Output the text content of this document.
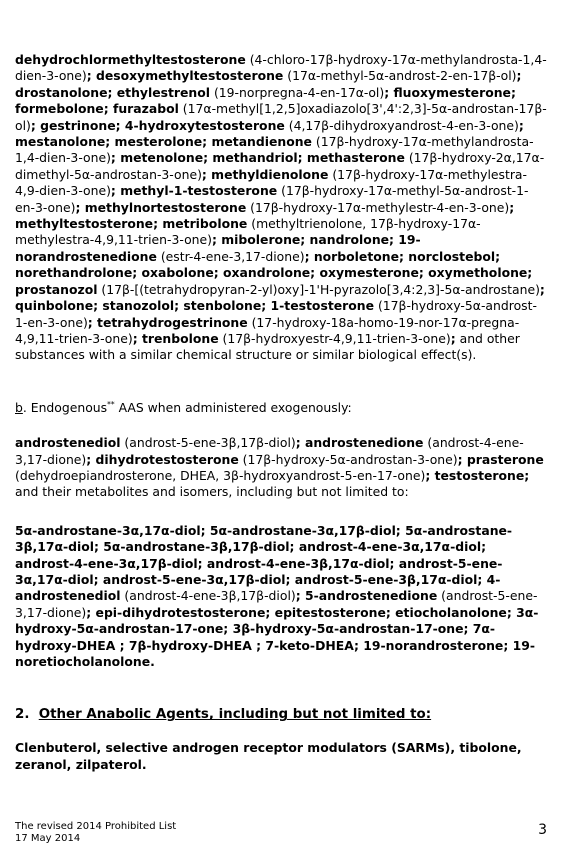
dehydrochlormethyltestosterone (4-chloro-17β-hydroxy-17α-methylandrosta-1,4-dien-3-one); desoxymethyltestosterone (17α-methyl-5α-androst-2-en-17β-ol); drostanolone; ethylestrenol (19-norpregna-4-en-17α-ol); fluoxymesterone; formebolone; furazabol (17α-methyl[1,2,5]oxadiazolo[3',4':2,3]-5α-androstan-17β-ol); gestrinone; 4-hydroxytestosterone (4,17β-dihydroxyandrost-4-en-3-one); mestanolone; mesterolone; metandienone (17β-hydroxy-17α-methylandrosta-1,4-dien-3-one); metenolone; methandriol; methasterone (17β-hydroxy-2α,17α-dimethyl-5α-androstan-3-one); methyldienolone (17β-hydroxy-17α-methylestra-4,9-dien-3-one); methyl-1-testosterone (17β-hydroxy-17α-methyl-5α-androst-1-en-3-one); methylnortestosterone (17β-hydroxy-17α-methylestr-4-en-3-one); methyltestosterone; metribolone (methyltrienolone, 17β-hydroxy-17α-methylestra-4,9,11-trien-3-one); mibolerone; nandrolone; 19-norandrostenedione (estr-4-ene-3,17-dione); norboletone; norclostebol; norethandrolone; oxabolone; oxandrolone; oxymesterone; oxymetholone; prostanozol (17β-[(tetrahydropyran-2-yl)oxy]-1'H-pyrazolo[3,4:2,3]-5α-androstane); quinbolone; stanozolol; stenbolone; 1-testosterone (17β-hydroxy-5α-androst-1-en-3-one); tetrahydrogestrinone (17-hydroxy-18a-homo-19-nor-17α-pregna-4,9,11-trien-3-one); trenbolone (17β-hydroxyestr-4,9,11-trien-3-one); and other substances with a similar chemical structure or similar biological effect(s).

b. Endogenous** AAS when administered exogenously:

androstenediol (androst-5-ene-3β,17β-diol); androstenedione (androst-4-ene-3,17-dione); dihydrotestosterone (17β-hydroxy-5α-androstan-3-one); prasterone (dehydroepiandrosterone, DHEA, 3β-hydroxyandrost-5-en-17-one); testosterone;
and their metabolites and isomers, including but not limited to:

5α-androstane-3α,17α-diol; 5α-androstane-3α,17β-diol; 5α-androstane-3β,17α-diol; 5α-androstane-3β,17β-diol; androst-4-ene-3α,17α-diol; androst-4-ene-3α,17β-diol; androst-4-ene-3β,17α-diol; androst-5-ene-3α,17α-diol; androst-5-ene-3α,17β-diol; androst-5-ene-3β,17α-diol; 4-androstenediol (androst-4-ene-3β,17β-diol); 5-androstenedione (androst-5-ene-3,17-dione); epi-dihydrotestosterone; epitestosterone; etiocholanolone; 3α-hydroxy-5α-androstan-17-one; 3β-hydroxy-5α-androstan-17-one; 7α-hydroxy-DHEA ; 7β-hydroxy-DHEA ; 7-keto-DHEA; 19-norandrosterone; 19-noretiocholanolone.

2. Other Anabolic Agents, including but not limited to:

Clenbuterol, selective androgen receptor modulators (SARMs), tibolone, zeranol, zilpaterol.

The revised 2014 Prohibited List
17 May 2014
3
